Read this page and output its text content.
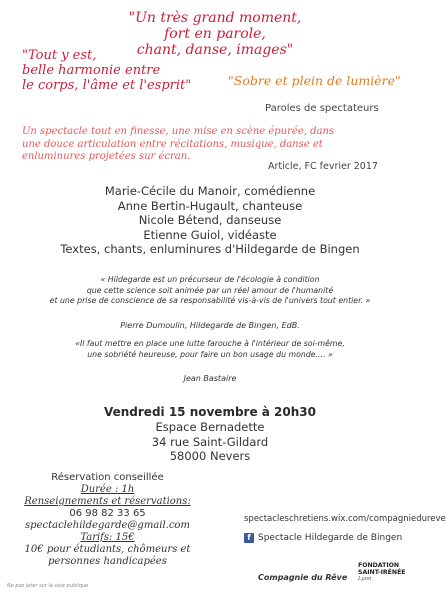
"Un très grand moment,
fort en parole,
chant, danse, images"
"Tout y est,
belle harmonie entre
le corps, l'âme et l'esprit"	"Sobre et plein de lumière"
Paroles de spectateurs
Un spectacle tout en finesse, une mise en scène épurée, dans
une douce articulation entre récitations, musique, danse et
enluminures projetées sur écran.
Article, FC fevrier 2017
Marie-Cécile du Manoir, comédienne
Anne Bertin-Hugault, chanteuse
Nicole Bétend, danseuse
Etienne Guiol, vidéaste
Textes, chants, enluminures d'Hildegarde de Bingen
« Hildegarde est un précurseur de l'écologie à condition
que cette science soit animée par un réel amour de l'humanité
et une prise de conscience de sa responsabilité vis-à-vis de l'univers tout entier. »
Pierre Dumoulin, Hildegarde de Bingen, EdB.
«Il faut mettre en place une lutte farouche à l'intérieur de soi-même,
une sobriété heureuse, pour faire un bon usage du monde.... »
Jean Bastaire
Vendredi 15 novembre à 20h30
Espace Bernadette
34 rue Saint-Gildard
58000 Nevers
Réservation conseillée
Durée : 1h
Renseignements et réservations:
06 98 82 33 65
spectaclehildegarde@gmail.com
Tarifs: 15€
10€ pour étudiants, chômeurs et
personnes handicapées
spectacleschretiens.wix.com/compagniedureve
f Spectacle Hildegarde de Bingen
Compagnie du Rêve
FONDATION
SAINT-IRÉNÉE
Lyon
Ne pas jeter sur la voie publique
